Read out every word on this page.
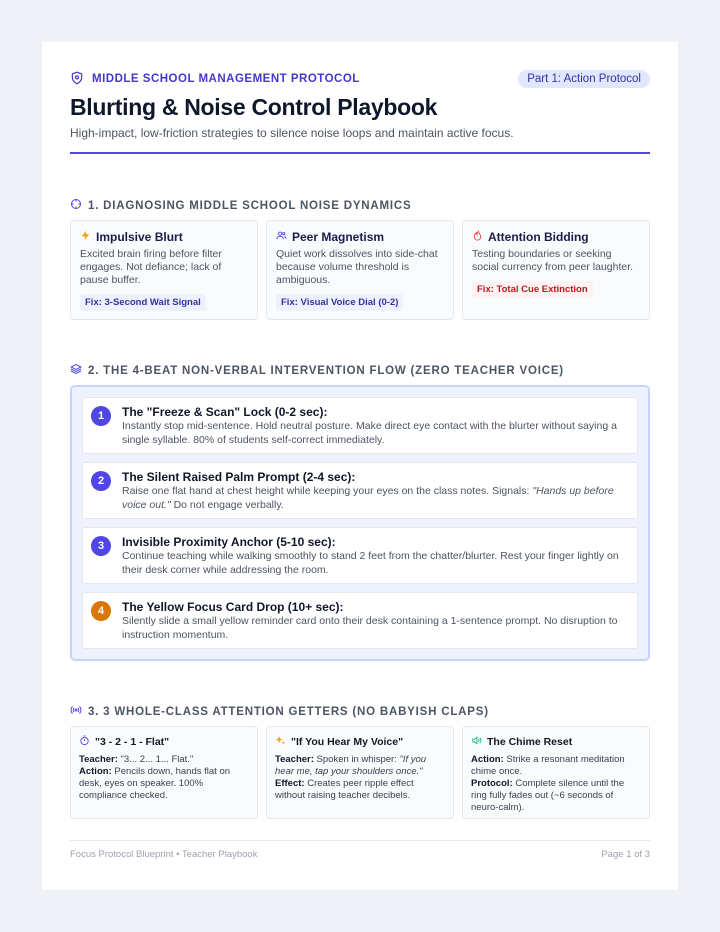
MIDDLE SCHOOL MANAGEMENT PROTOCOL	Part 1: Action Protocol
Blurting & Noise Control Playbook
High-impact, low-friction strategies to silence noise loops and maintain active focus.
1. DIAGNOSING MIDDLE SCHOOL NOISE DYNAMICS
Impulsive Blurt
Excited brain firing before filter engages. Not defiance; lack of pause buffer.
Fix: 3-Second Wait Signal
Peer Magnetism
Quiet work dissolves into side-chat because volume threshold is ambiguous.
Fix: Visual Voice Dial (0-2)
Attention Bidding
Testing boundaries or seeking social currency from peer laughter.
Fix: Total Cue Extinction
2. THE 4-BEAT NON-VERBAL INTERVENTION FLOW (ZERO TEACHER VOICE)
1	The "Freeze & Scan" Lock (0-2 sec):
Instantly stop mid-sentence. Hold neutral posture. Make direct eye contact with the blurter without saying a single syllable. 80% of students self-correct immediately.
2	The Silent Raised Palm Prompt (2-4 sec):
Raise one flat hand at chest height while keeping your eyes on the class notes. Signals: "Hands up before voice out." Do not engage verbally.
3	Invisible Proximity Anchor (5-10 sec):
Continue teaching while walking smoothly to stand 2 feet from the chatter/blurter. Rest your finger lightly on their desk corner while addressing the room.
4	The Yellow Focus Card Drop (10+ sec):
Silently slide a small yellow reminder card onto their desk containing a 1-sentence prompt. No disruption to instruction momentum.
3. 3 WHOLE-CLASS ATTENTION GETTERS (NO BABYISH CLAPS)
"3 - 2 - 1 - Flat"
Teacher: "3... 2... 1... Flat."
Action: Pencils down, hands flat on desk, eyes on speaker. 100% compliance checked.
"If You Hear My Voice"
Teacher: Spoken in whisper: "If you hear me, tap your shoulders once."
Effect: Creates peer ripple effect without raising teacher decibels.
The Chime Reset
Action: Strike a resonant meditation chime once.
Protocol: Complete silence until the ring fully fades out (~6 seconds of neuro-calm).
Focus Protocol Blueprint • Teacher Playbook	Page 1 of 3
